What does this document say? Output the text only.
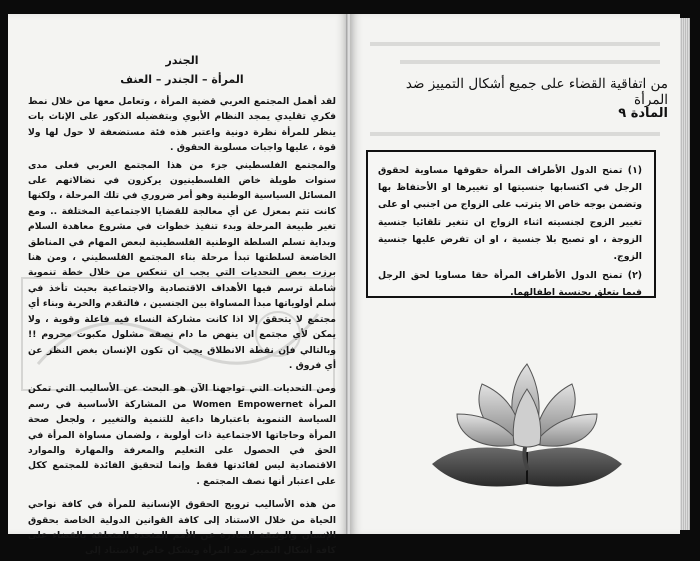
الجندر
المرأة – الجندر – العنف

لقد أهمل المجتمع العربي قضية المرأة ، وتعامل معها من خلال نمط فكري تقليدي يمجد النظام الأبوي وبتفضيله الذكور على الإناث بات ينظر للمرأة نظرة دونية واعتبر هذه فئة مستضعفة لا حول لها ولا قوة ، عليها واجبات مسلوبة الحقوق .

والمجتمع الفلسطيني جزء من هذا المجتمع العربي فعلى مدى سنوات طويلة خاض الفلسطينيون يركزون في نضالاتهم على المسائل السياسية الوطنية وهو أمر ضروري في تلك المرحلة ، ولكنها كانت تتم بمعزل عن أي معالجة للقضايا الاجتماعية المختلفة .. ومع تغير طبيعة المرحلة وبدء تنفيذ خطوات في مشروع معاهدة السلام وبداية تسلم السلطة الوطنية الفلسطينية لبعض المهام في المناطق الخاضعة لسلطتها تبدأ مرحلة بناء المجتمع الفلسطيني ، ومن هنا برزت بعض التحديات التي يجب ان تنعكس من خلال خطة تنموية شاملة ترسم فيها الأهداف الاقتصادية والاجتماعية بحيث تأخذ في سلم أولوياتها مبدأ المساواة بين الجنسين ، فالتقدم والحرية وبناء أي مجتمع لا يتحقق إلا اذا كانت مشاركة النساء فيه فاعلة وقوية ، ولا يمكن لأي مجتمع ان ينهض ما دام نصفه مشلول مكبوت محروم !! وبالتالي فإن نقطة الانطلاق يجب ان تكون الإنسان بغض النظر عن أي فروق .

ومن التحديات التي تواجهنا الآن هو البحث عن الأساليب التي تمكن المرأة Women Empowernet من المشاركة الأساسية في رسم السياسة التنموية باعتبارها داعية للتنمية والتغيير ، ولجعل صحة المرأة وحاجاتها الاجتماعية ذات أولوية ، ولضمان مساواة المرأة في الحق في الحصول على التعليم والمعرفة والمهارة والموارد الاقتصادية ليس لفائدتها فقط وإنما لتحقيق الفائدة للمجتمع ككل على اعتبار أنها نصف المجتمع .

من هذه الأساليب ترويج الحقوق الإنسانية للمرأة في كافة نواحي الحياة من خلال الاستناد إلى كافة القوانين الدولية الخاصة بحقوق الإنسان والوثيقة الصادرة عن الأمم المتحدة المتعلقة بالقضاء على كافة أشكال التمييز ضد المرأة وبشكل خاص الاستناد إلى

من اتفاقية القضاء على جميع أشكال التمييز ضد المرأة
المادة ٩

(١) تمنح الدول الأطراف المرأة حقوقها مساوية لحقوق الرجل في اكتسابها جنسيتها او تغييرها او الأحتفاظ بها وتضمن بوجه خاص الا يترتب على الزواج من اجنبي او على تغيير الزوج لجنسيته اثناء الزواج ان تتغير تلقائيا جنسية الزوجة ، او تصبح بلا جنسية ، او ان تفرض عليها جنسية الزوج.

(٢) تمنح الدول الأطراف المرأة حقا مساويا لحق الرجل فيما يتعلق بجنسية اطفالهما.
